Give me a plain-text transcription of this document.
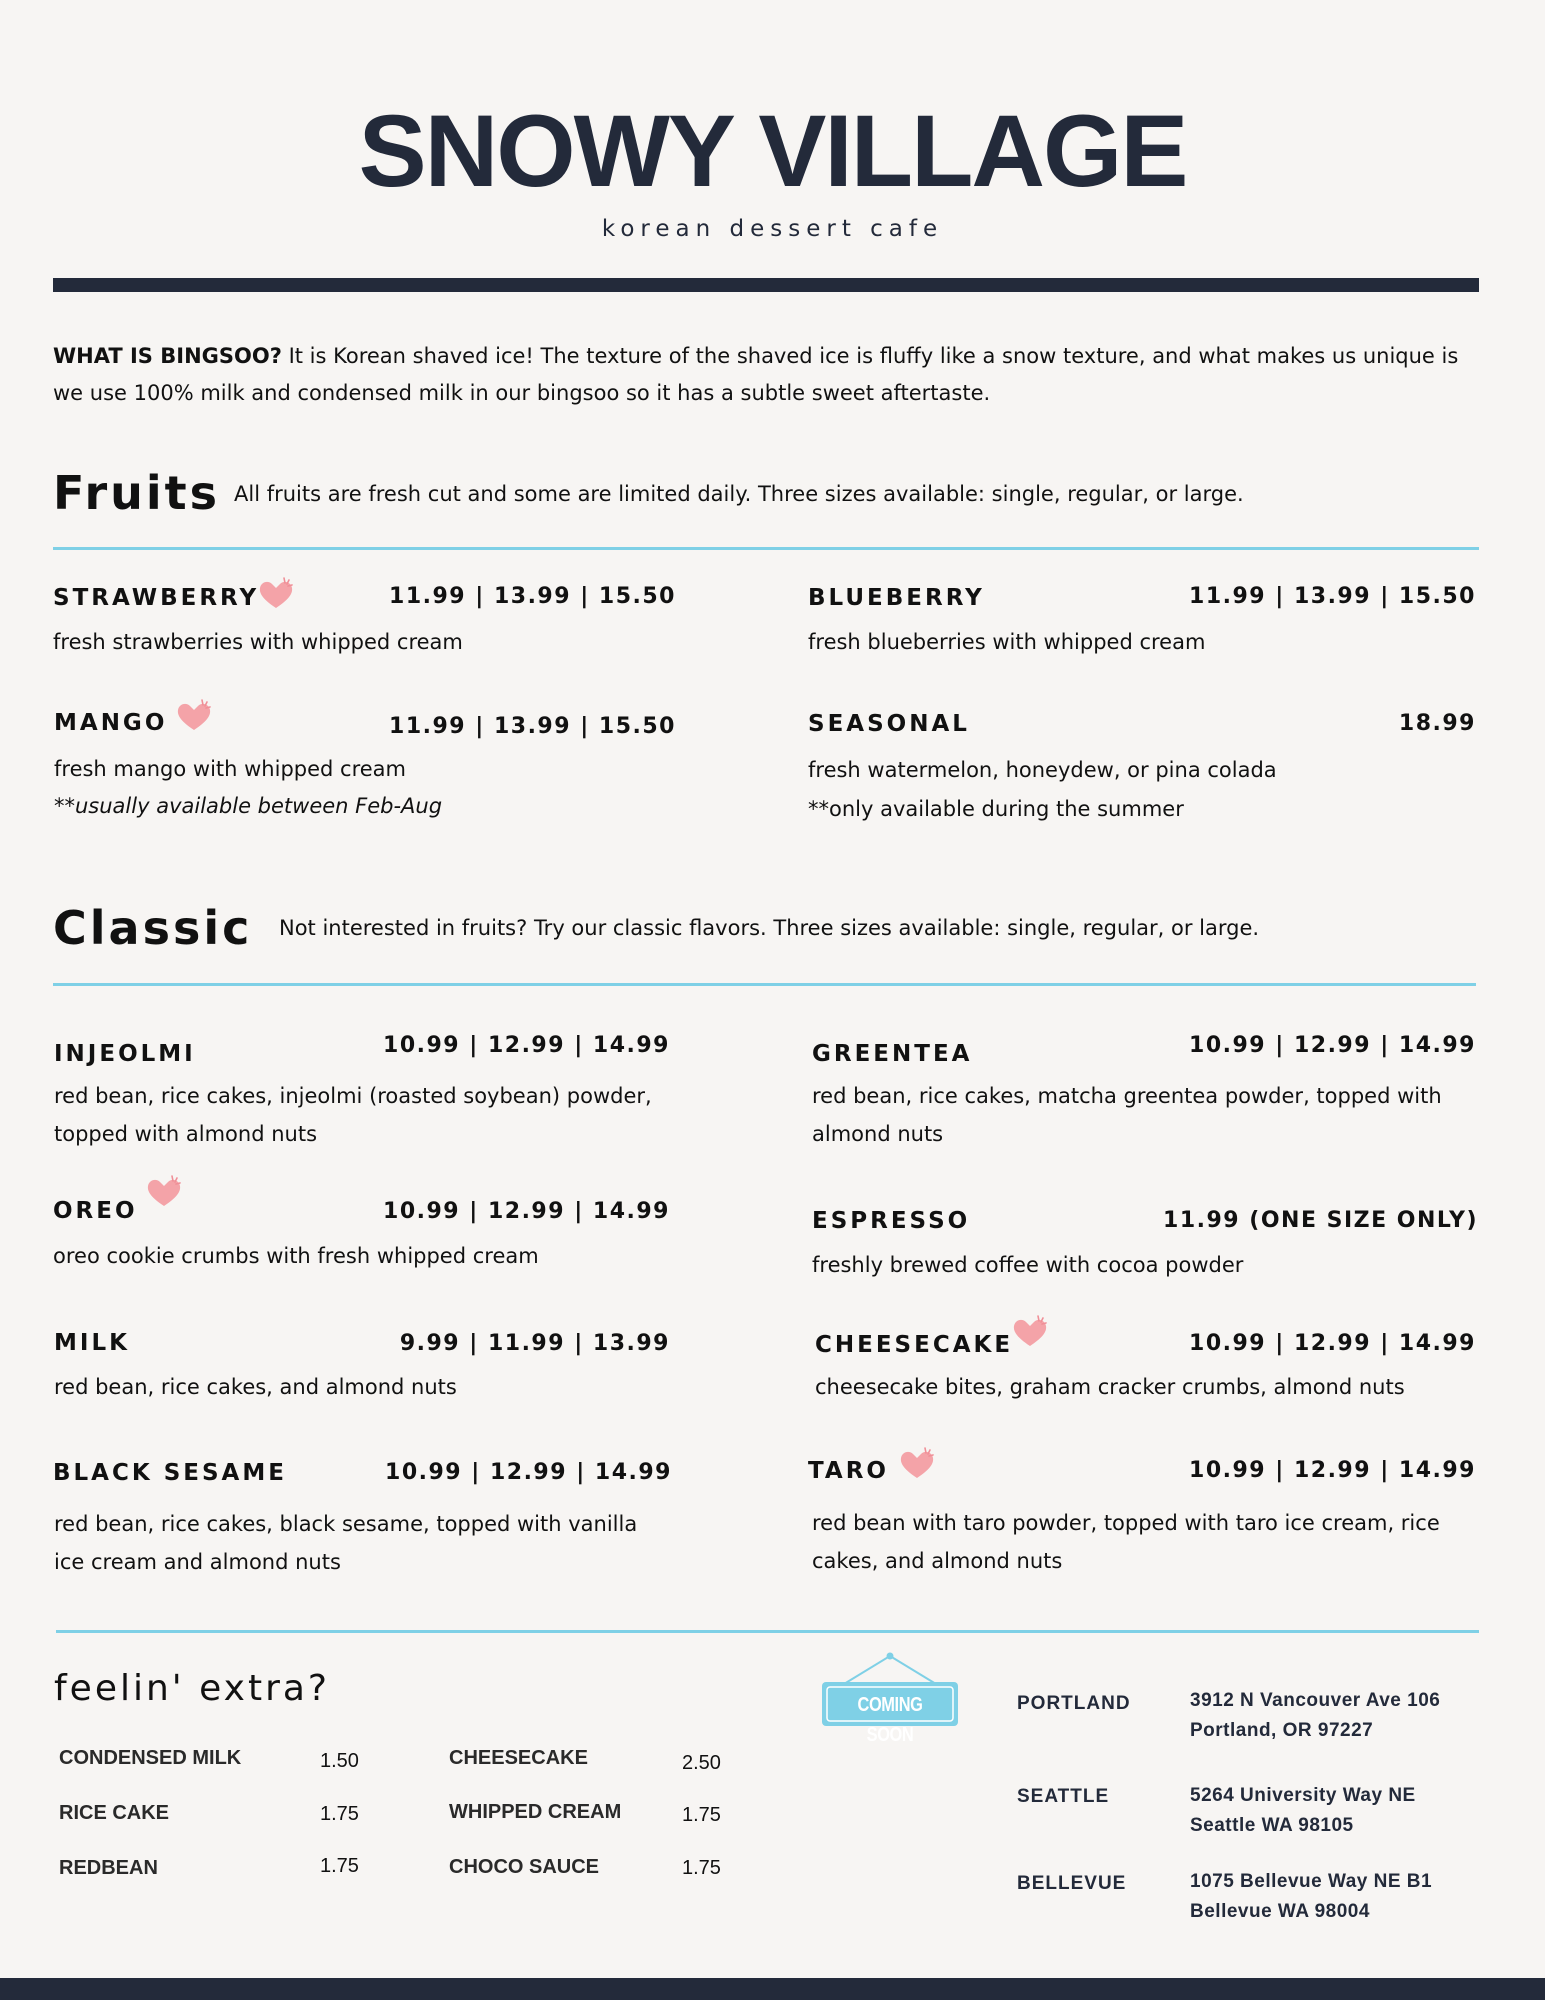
SNOWY VILLAGE
korean dessert cafe
WHAT IS BINGSOO? It is Korean shaved ice! The texture of the shaved ice is fluffy like a snow texture, and what makes us unique is we use 100% milk and condensed milk in our bingsoo so it has a subtle sweet aftertaste.
Fruits All fruits are fresh cut and some are limited daily. Three sizes available: single, regular, or large.
STRAWBERRY	11.99 | 13.99 | 15.50
fresh strawberries with whipped cream
BLUEBERRY	11.99 | 13.99 | 15.50
fresh blueberries with whipped cream
MANGO	11.99 | 13.99 | 15.50
fresh mango with whipped cream
**usually available between Feb-Aug
SEASONAL	18.99
fresh watermelon, honeydew, or pina colada
**only available during the summer
Classic Not interested in fruits? Try our classic flavors. Three sizes available: single, regular, or large.
INJEOLMI	10.99 | 12.99 | 14.99
red bean, rice cakes, injeolmi (roasted soybean) powder, topped with almond nuts
GREENTEA	10.99 | 12.99 | 14.99
red bean, rice cakes, matcha greentea powder, topped with almond nuts
OREO	10.99 | 12.99 | 14.99
oreo cookie crumbs with fresh whipped cream
ESPRESSO	11.99 (ONE SIZE ONLY)
freshly brewed coffee with cocoa powder
MILK	9.99 | 11.99 | 13.99
red bean, rice cakes, and almond nuts
CHEESECAKE	10.99 | 12.99 | 14.99
cheesecake bites, graham cracker crumbs, almond nuts
BLACK SESAME	10.99 | 12.99 | 14.99
red bean, rice cakes, black sesame, topped with vanilla ice cream and almond nuts
TARO	10.99 | 12.99 | 14.99
red bean with taro powder, topped with taro ice cream, rice cakes, and almond nuts
feelin' extra?
CONDENSED MILK	1.50
RICE CAKE	1.75
REDBEAN	1.75
CHEESECAKE	2.50
WHIPPED CREAM	1.75
CHOCO SAUCE	1.75
COMING SOON
PORTLAND	3912 N Vancouver Ave 106
Portland, OR 97227
SEATTLE	5264 University Way NE
Seattle WA 98105
BELLEVUE	1075 Bellevue Way NE B1
Bellevue WA 98004
